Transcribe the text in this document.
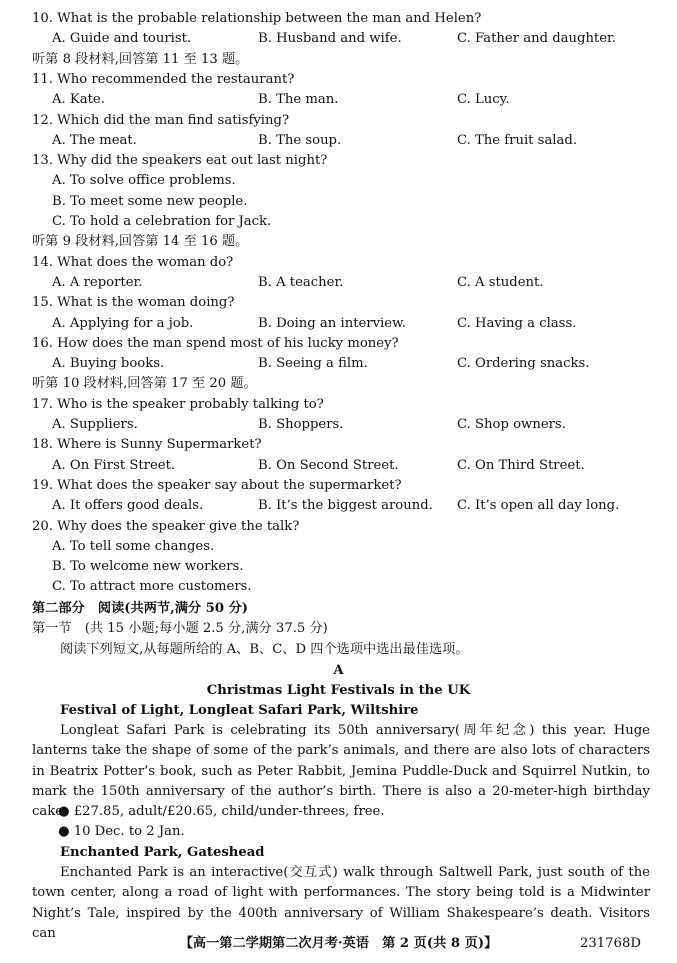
10. What is the probable relationship between the man and Helen?
A. Guide and tourist.	B. Husband and wife.	C. Father and daughter.
听第 8 段材料,回答第 11 至 13 题。
11. Who recommended the restaurant?
A. Kate.	B. The man.	C. Lucy.
12. Which did the man find satisfying?
A. The meat.	B. The soup.	C. The fruit salad.
13. Why did the speakers eat out last night?
A. To solve office problems.
B. To meet some new people.
C. To hold a celebration for Jack.
听第 9 段材料,回答第 14 至 16 题。
14. What does the woman do?
A. A reporter.	B. A teacher.	C. A student.
15. What is the woman doing?
A. Applying for a job.	B. Doing an interview.	C. Having a class.
16. How does the man spend most of his lucky money?
A. Buying books.	B. Seeing a film.	C. Ordering snacks.
听第 10 段材料,回答第 17 至 20 题。
17. Who is the speaker probably talking to?
A. Suppliers.	B. Shoppers.	C. Shop owners.
18. Where is Sunny Supermarket?
A. On First Street.	B. On Second Street.	C. On Third Street.
19. What does the speaker say about the supermarket?
A. It offers good deals.	B. It’s the biggest around. C. It’s open all day long.
20. Why does the speaker give the talk?
A. To tell some changes.
B. To welcome new workers.
C. To attract more customers.
第二部分　阅读(共两节,满分 50 分)
第一节　(共 15 小题;每小题 2.5 分,满分 37.5 分)
阅读下列短文,从每题所给的 A、B、C、D 四个选项中选出最佳选项。
A
Christmas Light Festivals in the UK
Festival of Light, Longleat Safari Park, Wiltshire
Longleat Safari Park is celebrating its 50th anniversary(周年纪念) this year. Huge lanterns take the shape of some of the park’s animals, and there are also lots of characters in Beatrix Potter’s book, such as Peter Rabbit, Jemina Puddle-Duck and Squirrel Nutkin, to mark the 150th anniversary of the author’s birth. There is also a 20-meter-high birthday cake.
● £27.85, adult/£20.65, child/under-threes, free.
● 10 Dec. to 2 Jan.
Enchanted Park, Gateshead
Enchanted Park is an interactive(交互式) walk through Saltwell Park, just south of the town center, along a road of light with performances. The story being told is a Midwinter Night’s Tale, inspired by the 400th anniversary of William Shakespeare’s death. Visitors can
【高一第二学期第二次月考·英语　第 2 页(共 8 页)】	231768D
